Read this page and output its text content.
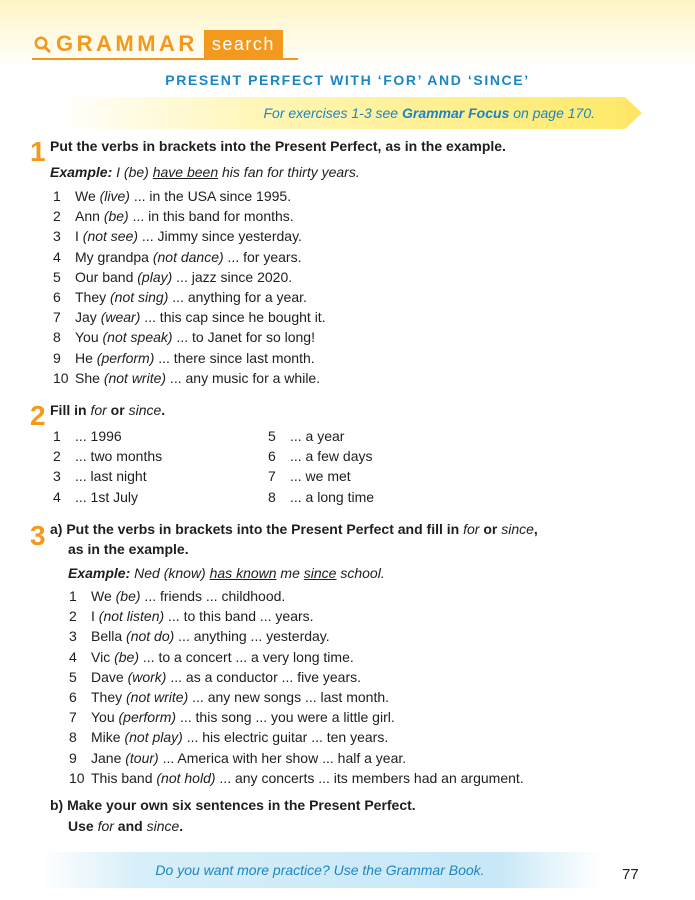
GRAMMAR search
PRESENT PERFECT WITH ‘FOR’ AND ‘SINCE’
For exercises 1-3 see Grammar Focus on page 170.
1 Put the verbs in brackets into the Present Perfect, as in the example.
Example: I (be) have been his fan for thirty years.
1	We (live) ... in the USA since 1995.
2	Ann (be) ... in this band for months.
3	I (not see) ... Jimmy since yesterday.
4	My grandpa (not dance) ... for years.
5	Our band (play) ... jazz since 2020.
6	They (not sing) ... anything for a year.
7	Jay (wear) ... this cap since he bought it.
8	You (not speak) ... to Janet for so long!
9	He (perform) ... there since last month.
10 She (not write) ... any music for a while.
2 Fill in for or since.
1	... 1996
2	... two months
3	... last night
4	... 1st July
5	... a year
6	... a few days
7	... we met
8	... a long time
3 a) Put the verbs in brackets into the Present Perfect and fill in for or since,
as in the example.
Example: Ned (know) has known me since school.
1	We (be) ... friends ... childhood.
2	I (not listen) ... to this band ... years.
3	Bella (not do) ... anything ... yesterday.
4	Vic (be) ... to a concert ... a very long time.
5	Dave (work) ... as a conductor ... five years.
6	They (not write) ... any new songs ... last month.
7	You (perform) ... this song ... you were a little girl.
8	Mike (not play) ... his electric guitar ... ten years.
9	Jane (tour) ... America with her show ... half a year.
10 This band (not hold) ... any concerts ... its members had an argument.
b) Make your own six sentences in the Present Perfect.
Use for and since.
Do you want more practice? Use the Grammar Book.	77
